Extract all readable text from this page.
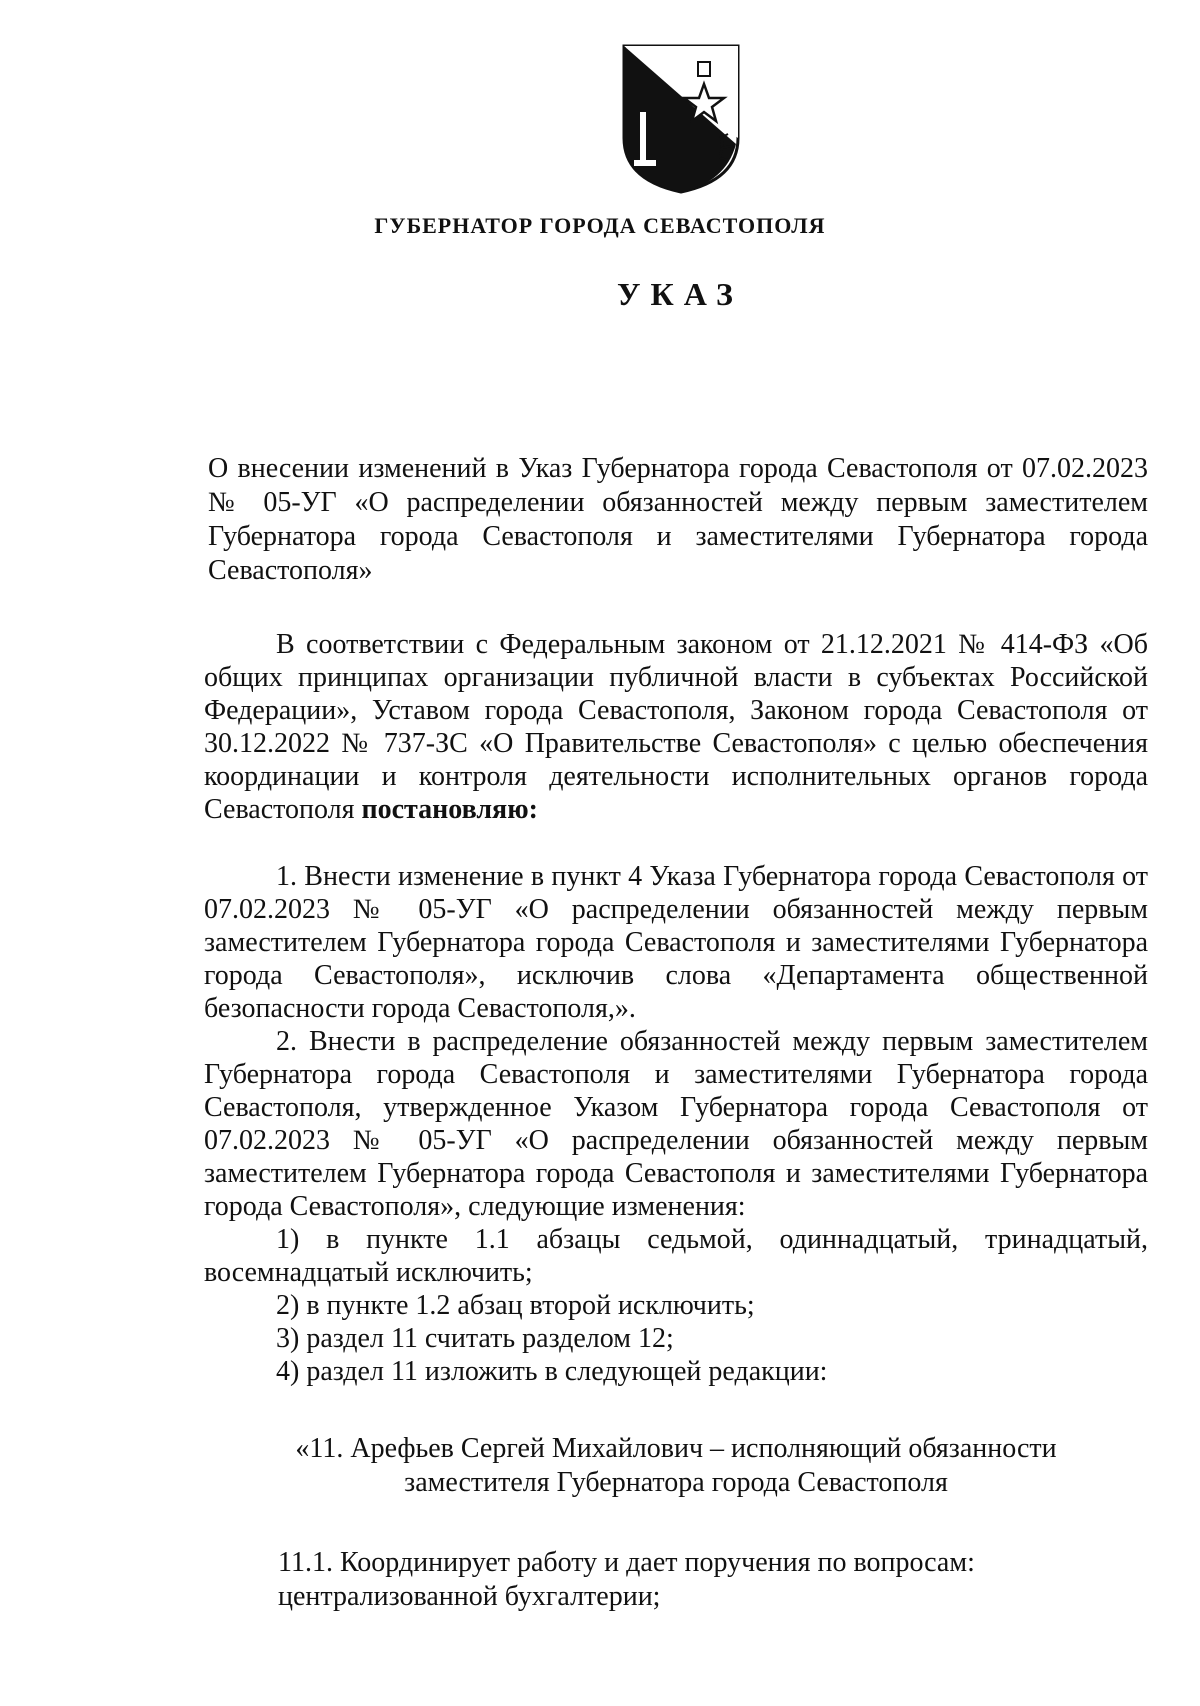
ГУБЕРНАТОР ГОРОДА СЕВАСТОПОЛЯ
УКАЗ
О внесении изменений в Указ Губернатора города Севастополя от 07.02.2023 № 05-УГ «О распределении обязанностей между первым заместителем Губернатора города Севастополя и заместителями Губернатора города Севастополя»

В соответствии с Федеральным законом от 21.12.2021 № 414-ФЗ «Об общих принципах организации публичной власти в субъектах Российской Федерации», Уставом города Севастополя, Законом города Севастополя от 30.12.2022 № 737-ЗС «О Правительстве Севастополя» с целью обеспечения координации и контроля деятельности исполнительных органов города Севастополя постановляю:

1. Внести изменение в пункт 4 Указа Губернатора города Севастополя от 07.02.2023 № 05-УГ «О распределении обязанностей между первым заместителем Губернатора города Севастополя и заместителями Губернатора города Севастополя», исключив слова «Департамента общественной безопасности города Севастополя,».

2. Внести в распределение обязанностей между первым заместителем Губернатора города Севастополя и заместителями Губернатора города Севастополя, утвержденное Указом Губернатора города Севастополя от 07.02.2023 № 05-УГ «О распределении обязанностей между первым заместителем Губернатора города Севастополя и заместителями Губернатора города Севастополя», следующие изменения:

1) в пункте 1.1 абзацы седьмой, одиннадцатый, тринадцатый, восемнадцатый исключить;

2) в пункте 1.2 абзац второй исключить;

3) раздел 11 считать разделом 12;

4) раздел 11 изложить в следующей редакции:

«11. Арефьев Сергей Михайлович – исполняющий обязанности
заместителя Губернатора города Севастополя

11.1. Координирует работу и дает поручения по вопросам:

централизованной бухгалтерии;
